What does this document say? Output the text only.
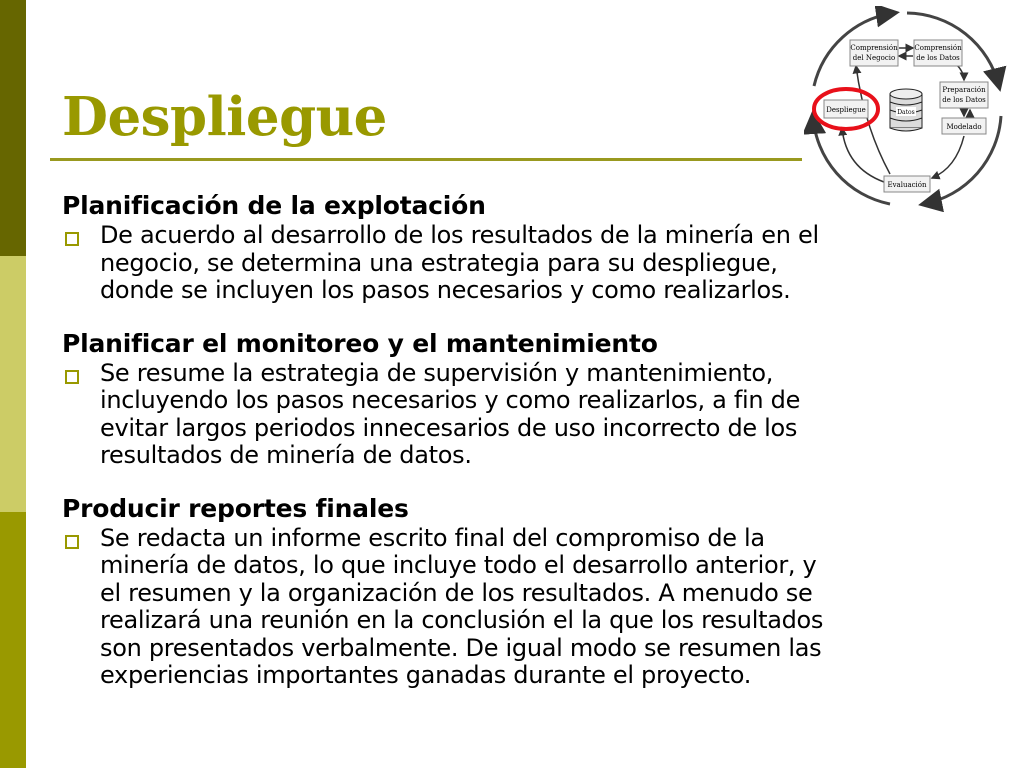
Despliegue
Comprensión
del Negocio
Comprensión
de los Datos
Preparación
de los Datos
Modelado
Evaluación
Despliegue	Datos

Planificación de la explotación

De acuerdo al desarrollo de los resultados de la minería en el
negocio, se determina una estrategia para su despliegue,
donde se incluyen los pasos necesarios y como realizarlos.

Planificar el monitoreo y el mantenimiento

Se resume la estrategia de supervisión y mantenimiento,
incluyendo los pasos necesarios y como realizarlos, a fin de
evitar largos periodos innecesarios de uso incorrecto de los
resultados de minería de datos.

Producir reportes finales

Se redacta un informe escrito final del compromiso de la
minería de datos, lo que incluye todo el desarrollo anterior, y
el resumen y la organización de los resultados. A menudo se
realizará una reunión en la conclusión el la que los resultados
son presentados verbalmente. De igual modo se resumen las
experiencias importantes ganadas durante el proyecto.
